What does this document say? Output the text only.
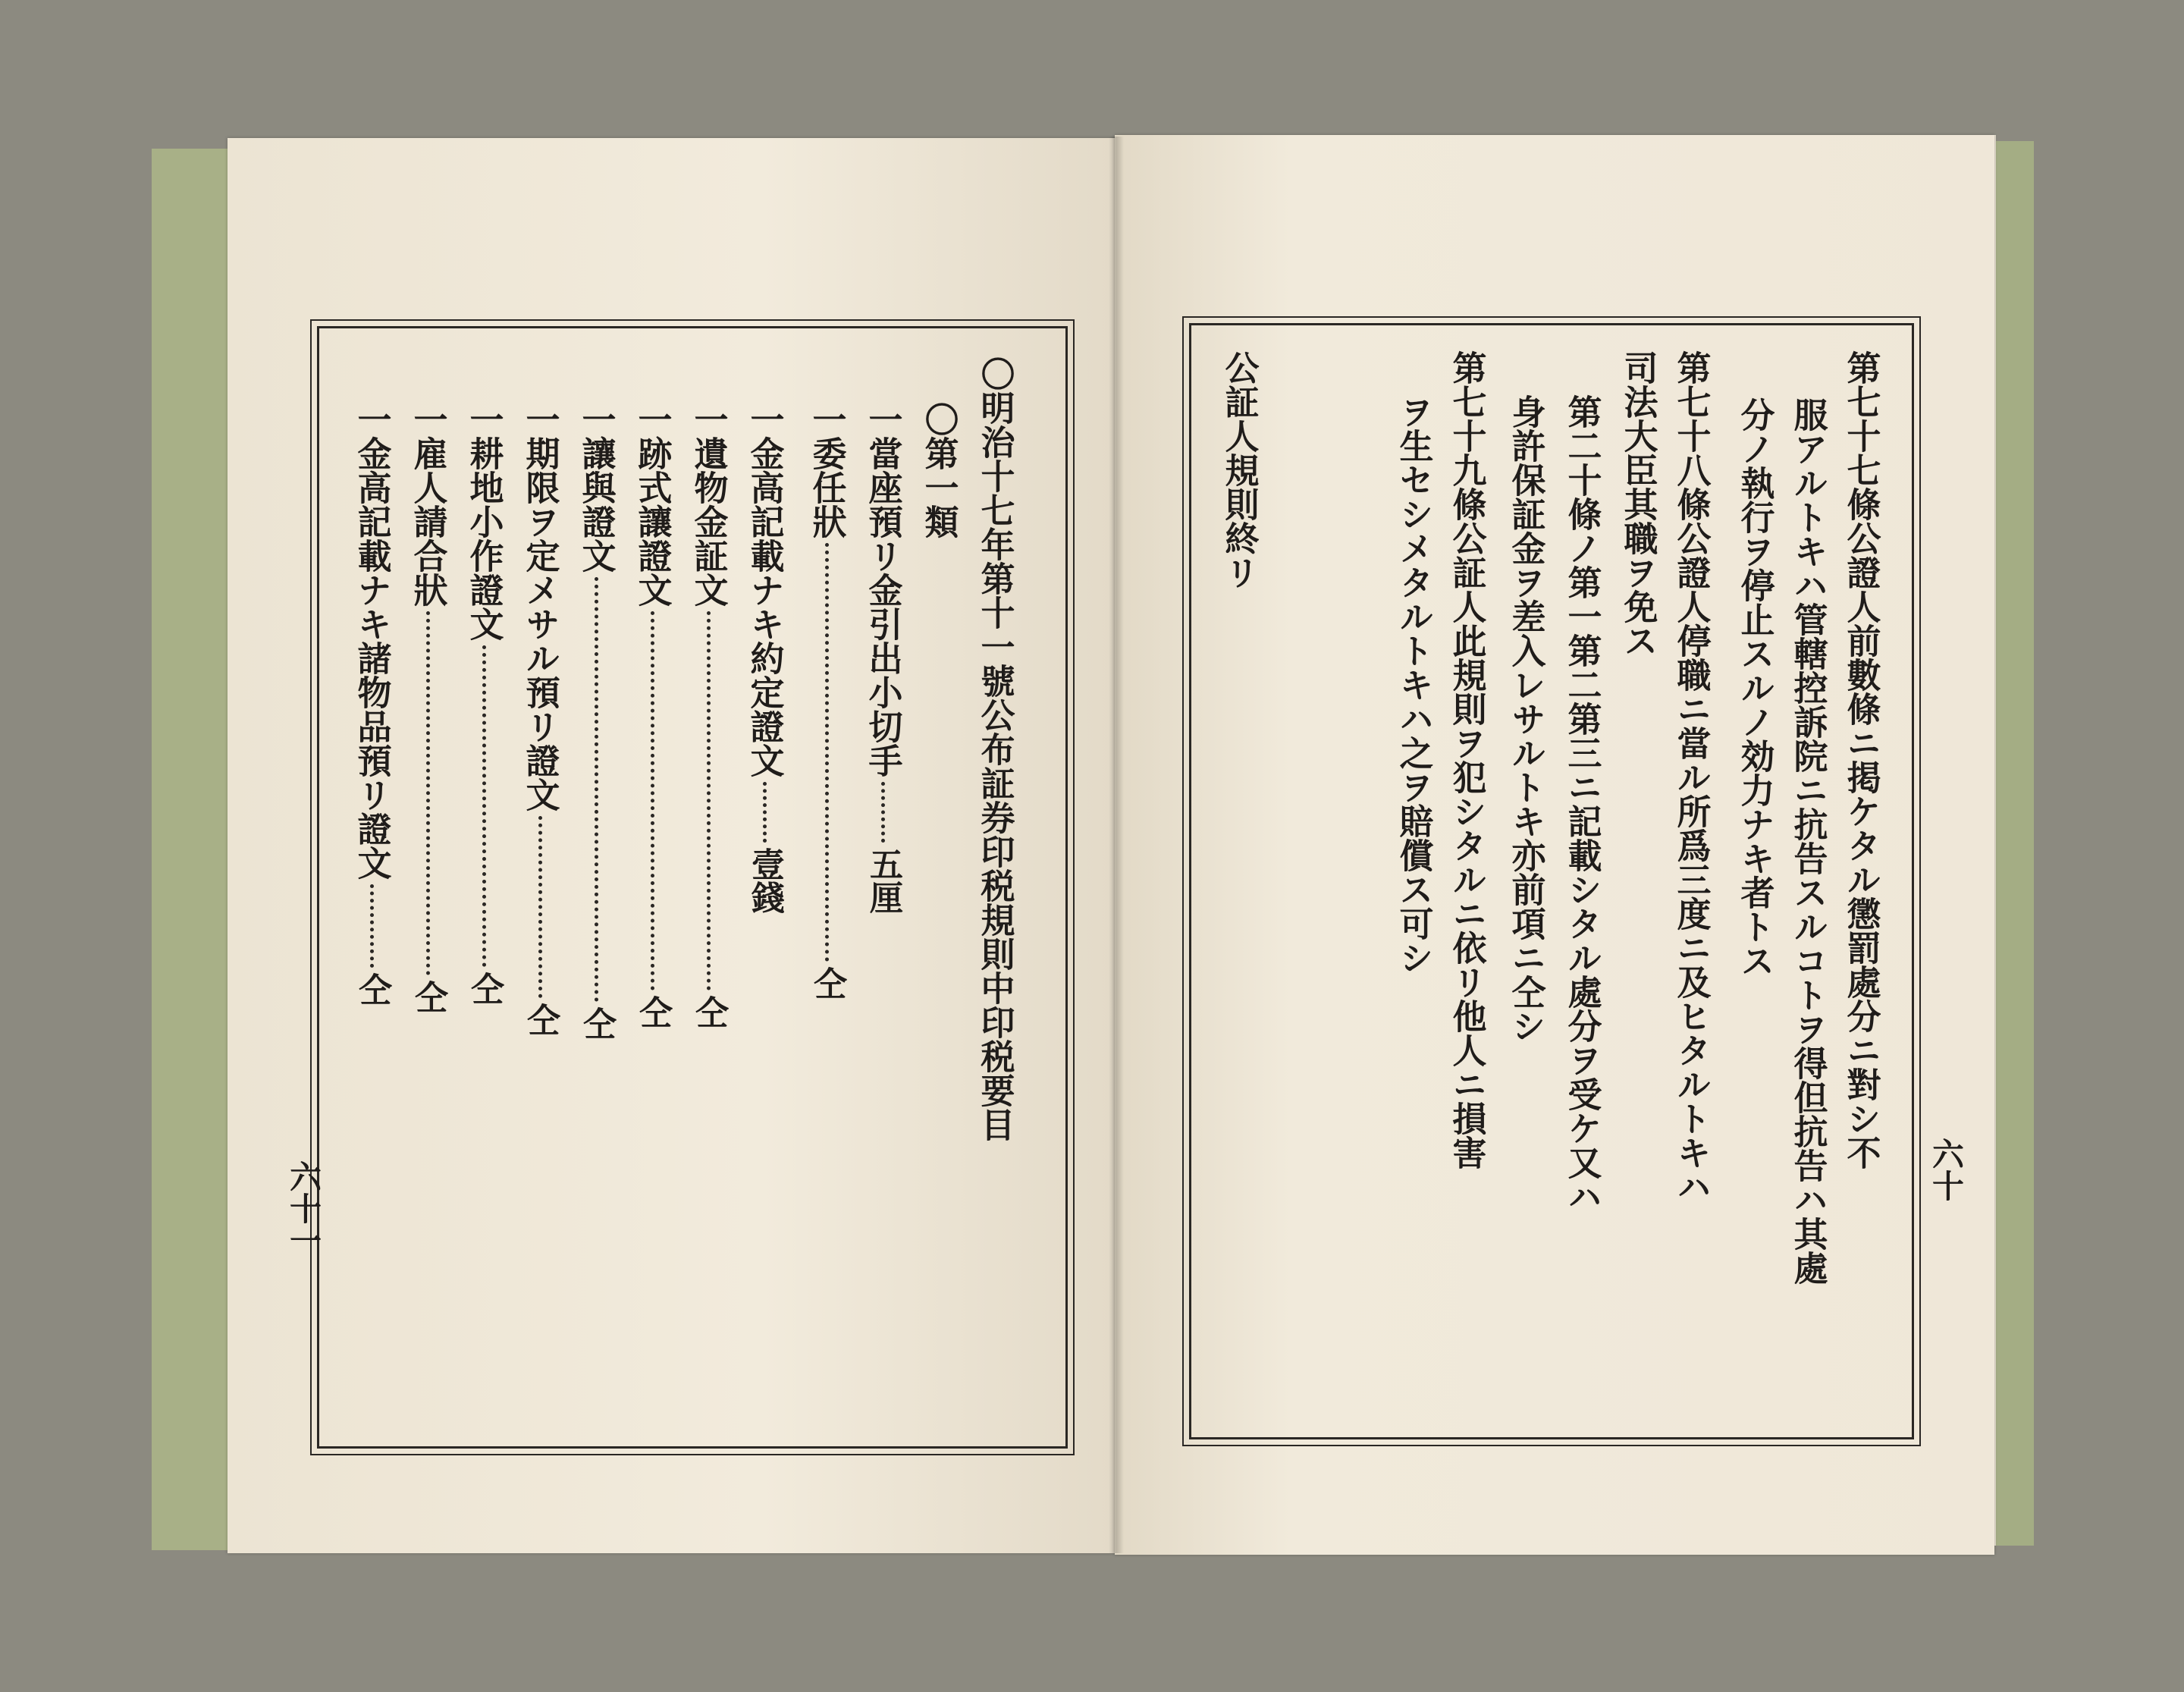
〇明治十七年第十一號公布証券印税規則中印税要目
〇第一類
一當座預リ金引出小切手
五厘
一委任狀
仝
一金高記載ナキ約定證文
壹錢
一遺物金証文
仝
一跡式讓證文
仝
一讓與證文
仝
一期限ヲ定メサル預リ證文
仝
一耕地小作證文
仝
一雇人請合狀
仝
一金高記載ナキ諸物品預リ證文
仝
六十一
第七十七條公證人前數條ニ掲ケタル懲罰處分ニ對シ不
服アルトキハ管轄控訴院ニ抗告スルコトヲ得但抗告ハ其處
分ノ執行ヲ停止スルノ効力ナキ者トス
第七十八條公證人停職ニ當ル所爲三度ニ及ヒタルトキハ
司法大臣其職ヲ免ス
第二十條ノ第一第二第三ニ記載シタル處分ヲ受ケ又ハ
身許保証金ヲ差入レサルトキ亦前項ニ仝シ
第七十九條公証人此規則ヲ犯シタルニ依リ他人ニ損害
ヲ生セシメタルトキハ之ヲ賠償ス可シ
公証人規則終リ
六十
